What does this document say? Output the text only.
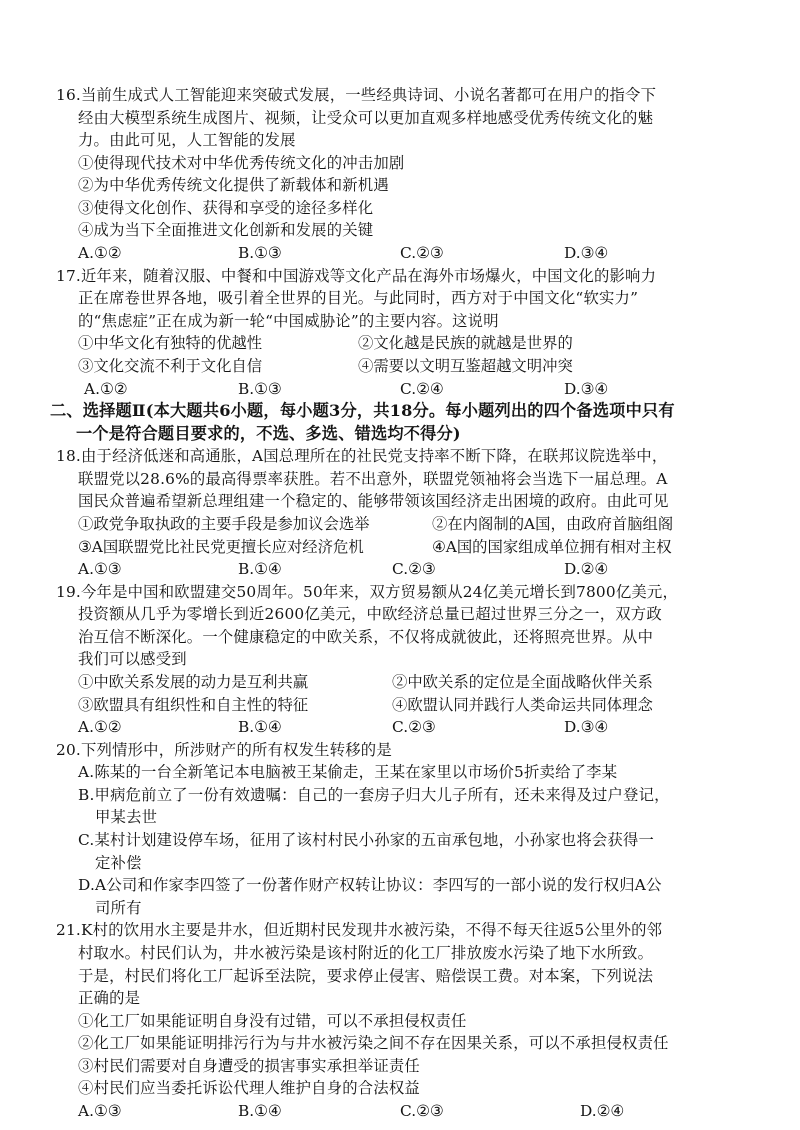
16.当前生成式人工智能迎来突破式发展，一些经典诗词、小说名著都可在用户的指令下
经由大模型系统生成图片、视频，让受众可以更加直观多样地感受优秀传统文化的魅
力。由此可见，人工智能的发展
①使得现代技术对中华优秀传统文化的冲击加剧
②为中华优秀传统文化提供了新载体和新机遇
③使得文化创作、获得和享受的途径多样化
④成为当下全面推进文化创新和发展的关键
A.①②	B.①③	C.②③	D.③④
17.近年来，随着汉服、中餐和中国游戏等文化产品在海外市场爆火，中国文化的影响力
正在席卷世界各地，吸引着全世界的目光。与此同时，西方对于中国文化“软实力”
的“焦虑症”正在成为新一轮“中国威胁论”的主要内容。这说明
①中华文化有独特的优越性	②文化越是民族的就越是世界的
③文化交流不利于文化自信	④需要以文明互鉴超越文明冲突
A.①②	B.①③	C.②④	D.③④
二、选择题Ⅱ(本大题共6小题，每小题3分，共18分。每小题列出的四个备选项中只有
一个是符合题目要求的，不选、多选、错选均不得分)
18.由于经济低迷和高通胀，A国总理所在的社民党支持率不断下降，在联邦议院选举中，
联盟党以28.6%的最高得票率获胜。若不出意外，联盟党领袖将会当选下一届总理。A
国民众普遍希望新总理组建一个稳定的、能够带领该国经济走出困境的政府。由此可见
①政党争取执政的主要手段是参加议会选举	②在内阁制的A国，由政府首脑组阁
③A国联盟党比社民党更擅长应对经济危机	④A国的国家组成单位拥有相对主权
A.①③	B.①④	C.②③	D.②④
19.今年是中国和欧盟建交50周年。50年来，双方贸易额从24亿美元增长到7800亿美元，
投资额从几乎为零增长到近2600亿美元，中欧经济总量已超过世界三分之一，双方政
治互信不断深化。一个健康稳定的中欧关系，不仅将成就彼此，还将照亮世界。从中
我们可以感受到
①中欧关系发展的动力是互利共赢	②中欧关系的定位是全面战略伙伴关系
③欧盟具有组织性和自主性的特征	④欧盟认同并践行人类命运共同体理念
A.①②	B.①④	C.②③	D.③④
20.下列情形中，所涉财产的所有权发生转移的是
A.陈某的一台全新笔记本电脑被王某偷走，王某在家里以市场价5折卖给了李某
B.甲病危前立了一份有效遗嘱：自己的一套房子归大儿子所有，还未来得及过户登记，
甲某去世
C.某村计划建设停车场，征用了该村村民小孙家的五亩承包地，小孙家也将会获得一
定补偿
D.A公司和作家李四签了一份著作财产权转让协议：李四写的一部小说的发行权归A公
司所有
21.K村的饮用水主要是井水，但近期村民发现井水被污染，不得不每天往返5公里外的邻
村取水。村民们认为，井水被污染是该村附近的化工厂排放废水污染了地下水所致。
于是，村民们将化工厂起诉至法院，要求停止侵害、赔偿误工费。对本案，下列说法
正确的是
①化工厂如果能证明自身没有过错，可以不承担侵权责任
②化工厂如果能证明排污行为与井水被污染之间不存在因果关系，可以不承担侵权责任
③村民们需要对自身遭受的损害事实承担举证责任
④村民们应当委托诉讼代理人维护自身的合法权益
A.①③	B.①④	C.②③	D.②④
